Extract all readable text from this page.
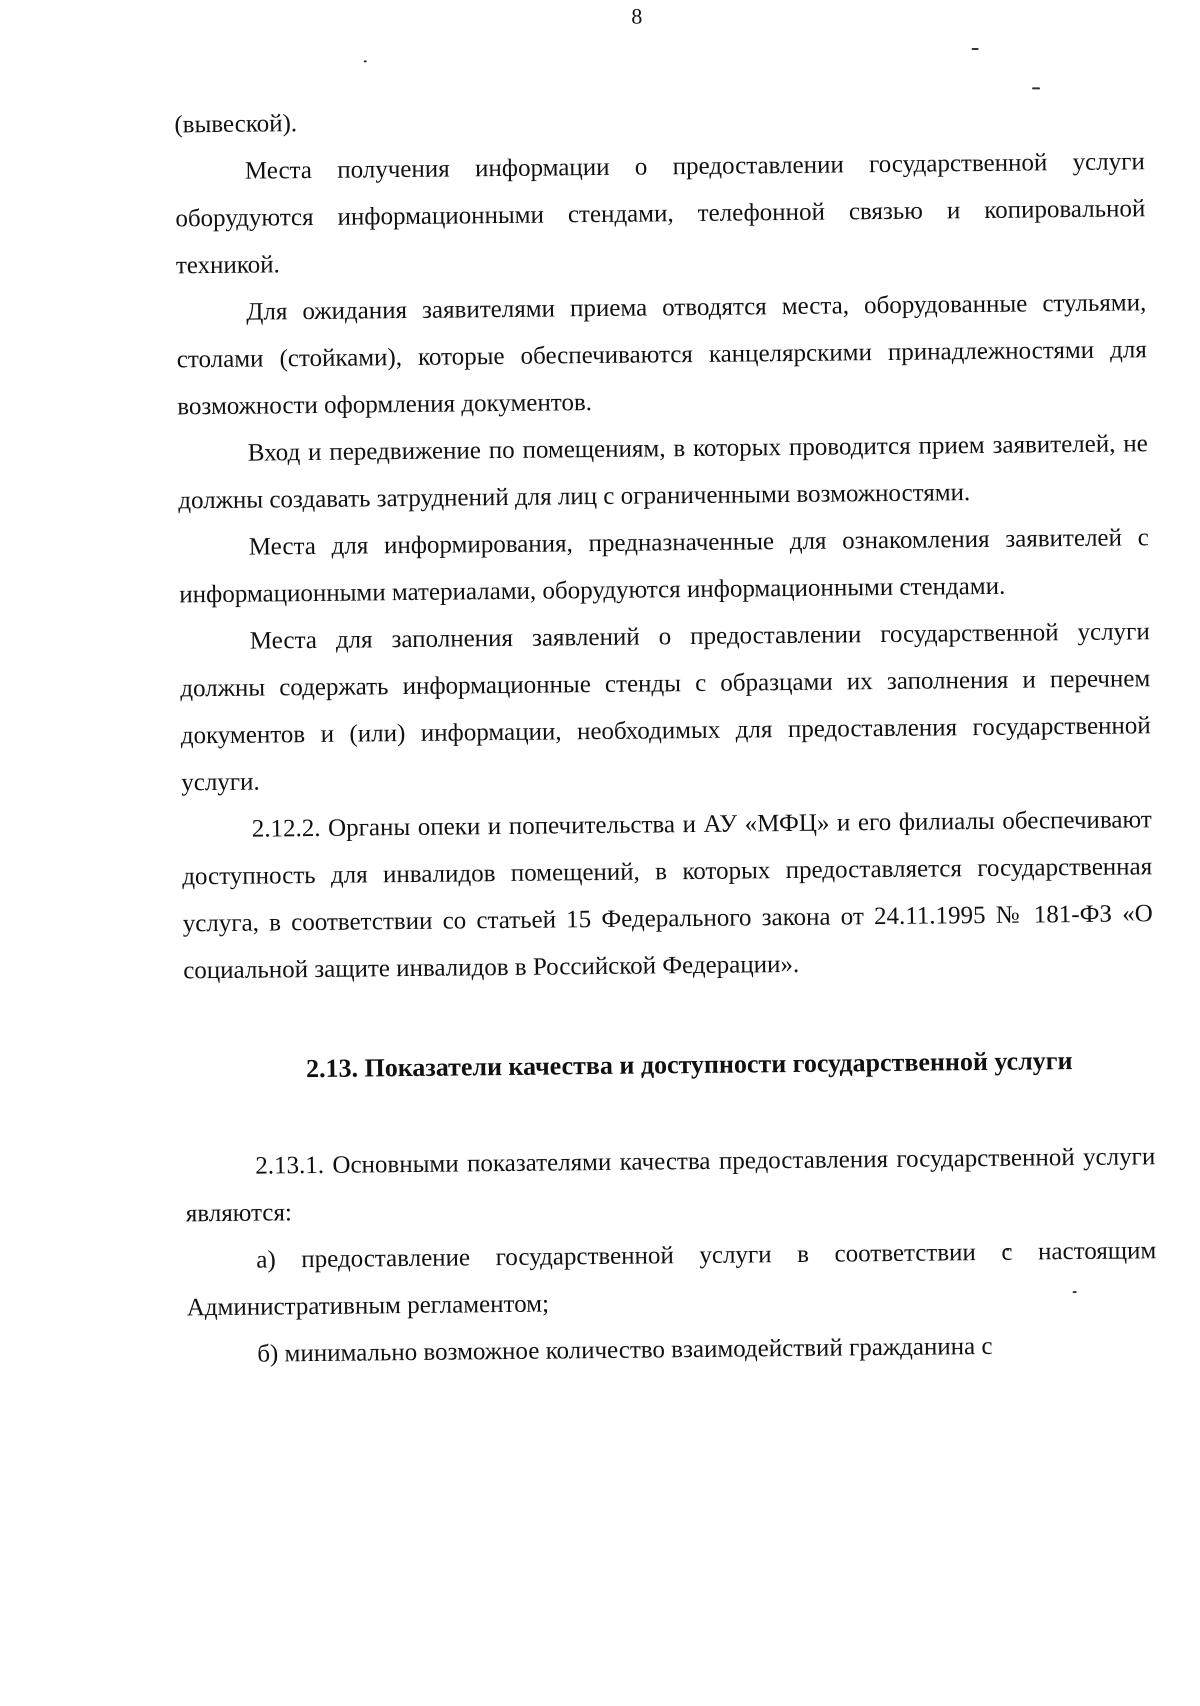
8

(вывеской).

Места получения информации о предоставлении государственной услуги оборудуются информационными стендами, телефонной связью и копировальной техникой.

Для ожидания заявителями приема отводятся места, оборудованные стульями, столами (стойками), которые обеспечиваются канцелярскими принадлежностями для возможности оформления документов.

Вход и передвижение по помещениям, в которых проводится прием заявителей, не должны создавать затруднений для лиц с ограниченными возможностями.

Места для информирования, предназначенные для ознакомления заявителей с информационными материалами, оборудуются информационными стендами.

Места для заполнения заявлений о предоставлении государственной услуги должны содержать информационные стенды с образцами их заполнения и перечнем документов и (или) информации, необходимых для предоставления государственной услуги.

2.12.2. Органы опеки и попечительства и АУ «МФЦ» и его филиалы обеспечивают доступность для инвалидов помещений, в которых предоставляется государственная услуга, в соответствии со статьей 15 Федерального закона от 24.11.1995 № 181-ФЗ «О социальной защите инвалидов в Российской Федерации».

2.13. Показатели качества и доступности государственной услуги

2.13.1. Основными показателями качества предоставления государственной услуги являются:

а) предоставление государственной услуги в соответствии с настоящим Административным регламентом;

б) минимально возможное количество взаимодействий гражданина с
